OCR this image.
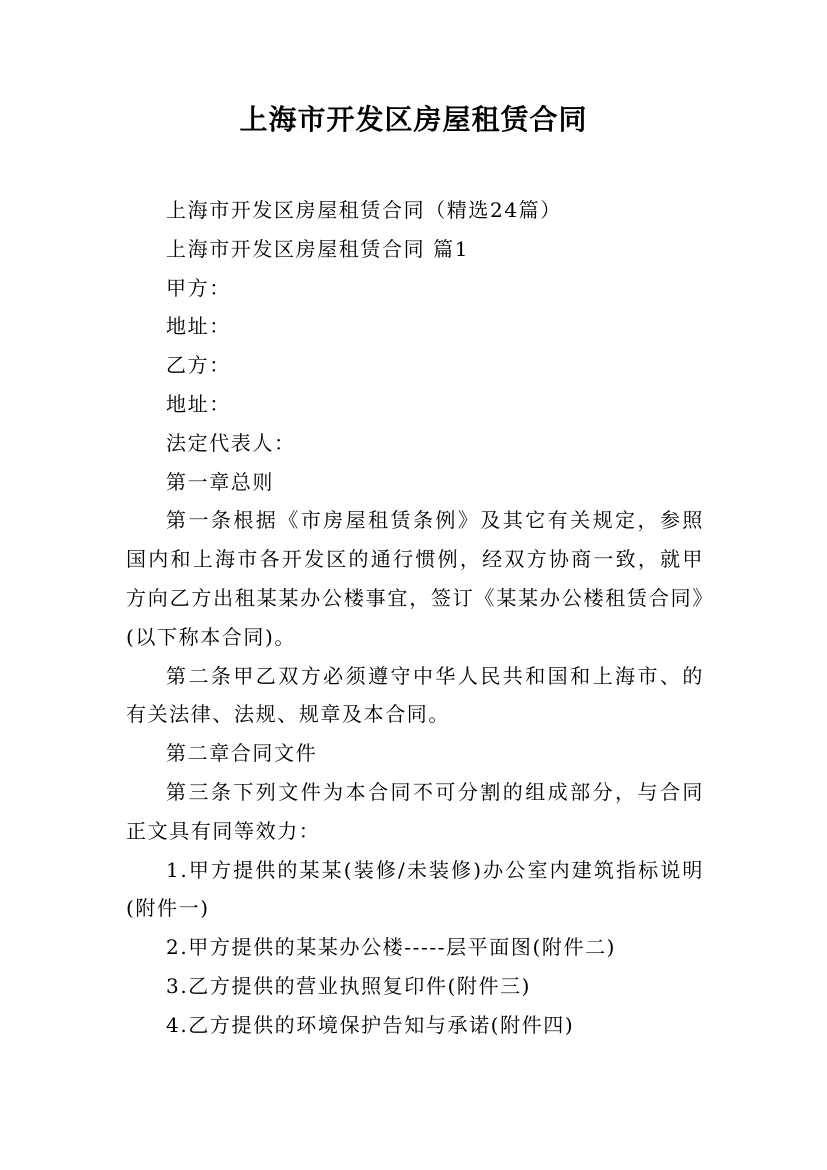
上海市开发区房屋租赁合同

上海市开发区房屋租赁合同（精选24篇）

上海市开发区房屋租赁合同 篇1

甲方：

地址：

乙方：

地址：

法定代表人：

第一章总则

第一条根据《市房屋租赁条例》及其它有关规定，参照国内和上海市各开发区的通行惯例，经双方协商一致，就甲方向乙方出租某某办公楼事宜，签订《某某办公楼租赁合同》(以下称本合同)。

第二条甲乙双方必须遵守中华人民共和国和上海市、的有关法律、法规、规章及本合同。

第二章合同文件

第三条下列文件为本合同不可分割的组成部分，与合同正文具有同等效力：

1.甲方提供的某某(装修/未装修)办公室内建筑指标说明(附件一)

2.甲方提供的某某办公楼-----层平面图(附件二)

3.乙方提供的营业执照复印件(附件三)

4.乙方提供的环境保护告知与承诺(附件四)
